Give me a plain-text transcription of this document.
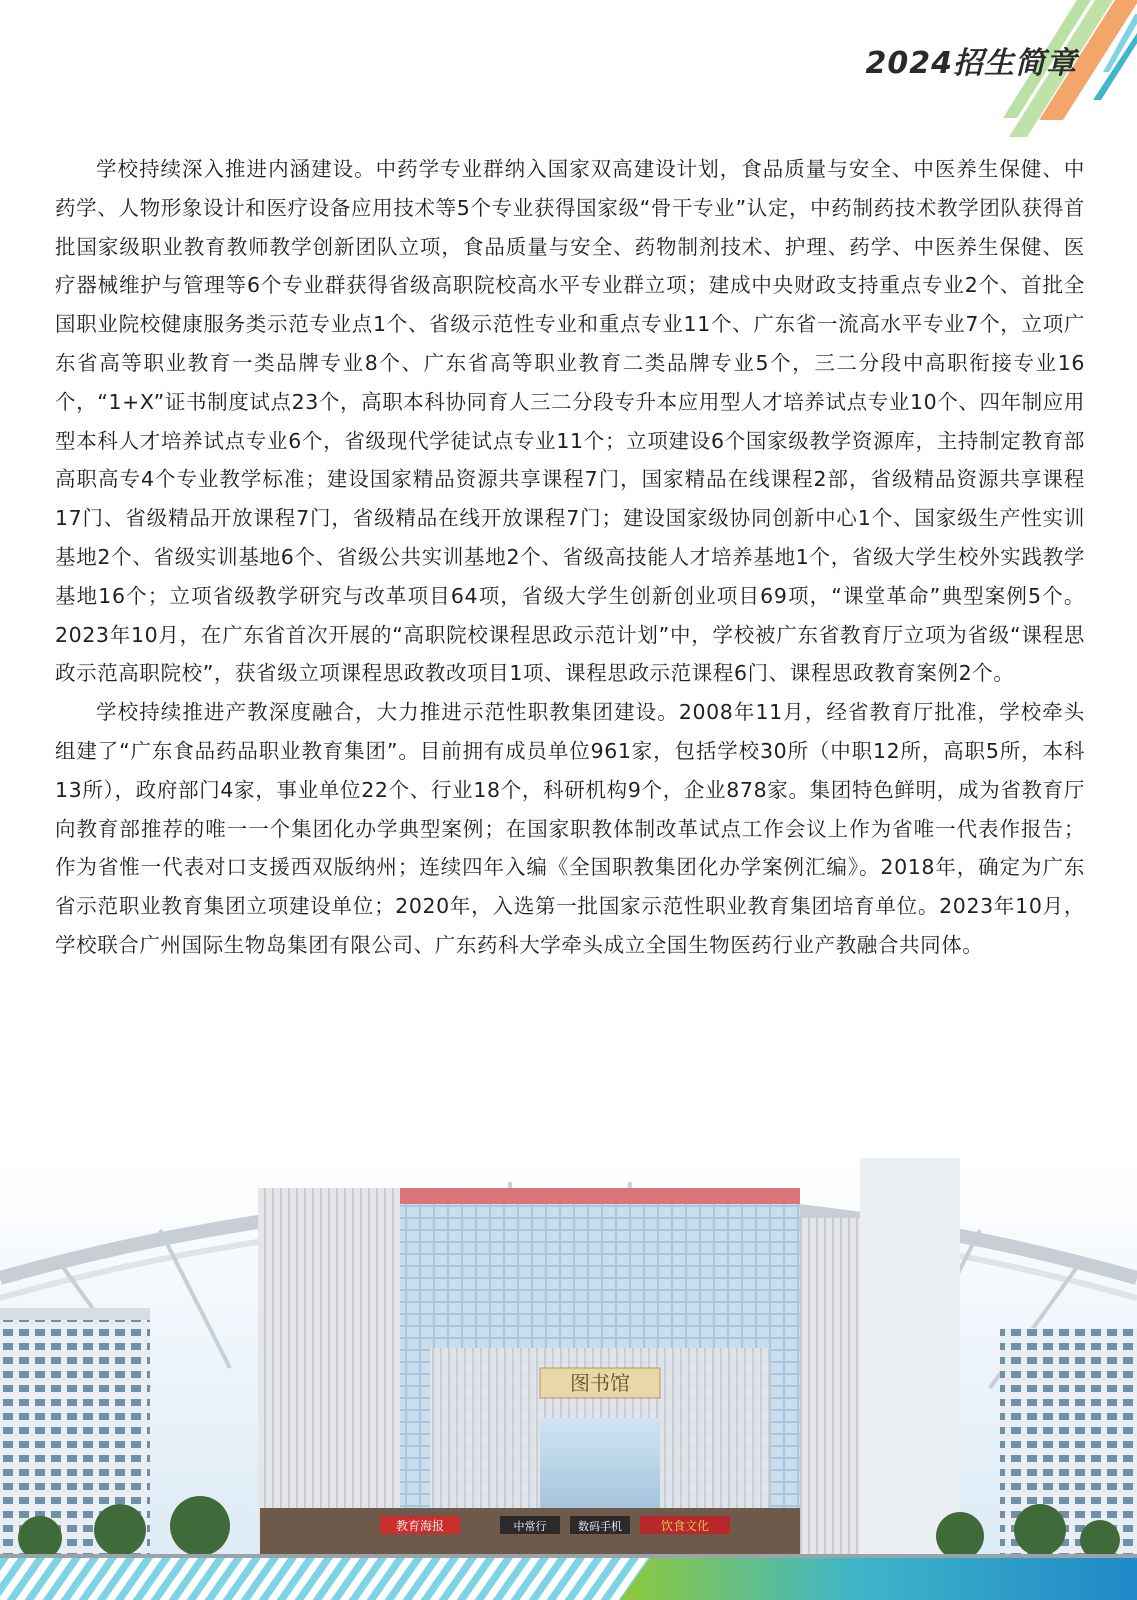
2024招生简章

学校持续深入推进内涵建设。中药学专业群纳入国家双高建设计划，食品质量与安全、中医养生保健、中药学、人物形象设计和医疗设备应用技术等5个专业获得国家级“骨干专业”认定，中药制药技术教学团队获得首批国家级职业教育教师教学创新团队立项，食品质量与安全、药物制剂技术、护理、药学、中医养生保健、医疗器械维护与管理等6个专业群获得省级高职院校高水平专业群立项；建成中央财政支持重点专业2个、首批全国职业院校健康服务类示范专业点1个、省级示范性专业和重点专业11个、广东省一流高水平专业7个，立项广东省高等职业教育一类品牌专业8个、广东省高等职业教育二类品牌专业5个，三二分段中高职衔接专业16个，“1+X”证书制度试点23个，高职本科协同育人三二分段专升本应用型人才培养试点专业10个、四年制应用型本科人才培养试点专业6个，省级现代学徒试点专业11个；立项建设6个国家级教学资源库，主持制定教育部高职高专4个专业教学标准；建设国家精品资源共享课程7门，国家精品在线课程2部，省级精品资源共享课程17门、省级精品开放课程7门，省级精品在线开放课程7门；建设国家级协同创新中心1个、国家级生产性实训基地2个、省级实训基地6个、省级公共实训基地2个、省级高技能人才培养基地1个，省级大学生校外实践教学基地16个；立项省级教学研究与改革项目64项，省级大学生创新创业项目69项，“课堂革命”典型案例5个。2023年10月，在广东省首次开展的“高职院校课程思政示范计划”中，学校被广东省教育厅立项为省级“课程思政示范高职院校”，获省级立项课程思政教改项目1项、课程思政示范课程6门、课程思政教育案例2个。

学校持续推进产教深度融合，大力推进示范性职教集团建设。2008年11月，经省教育厅批准，学校牵头组建了“广东食品药品职业教育集团”。目前拥有成员单位961家，包括学校30所（中职12所，高职5所，本科13所），政府部门4家，事业单位22个、行业18个，科研机构9个，企业878家。集团特色鲜明，成为省教育厅向教育部推荐的唯一一个集团化办学典型案例；在国家职教体制改革试点工作会议上作为省唯一代表作报告；作为省惟一代表对口支援西双版纳州；连续四年入编《全国职教集团化办学案例汇编》。2018年，确定为广东省示范职业教育集团立项建设单位；2020年，入选第一批国家示范性职业教育集团培育单位。2023年10月，学校联合广州国际生物岛集团有限公司、广东药科大学牵头成立全国生物医药行业产教融合共同体。

图书馆
教育海报	中常行	数码手机	饮食文化
